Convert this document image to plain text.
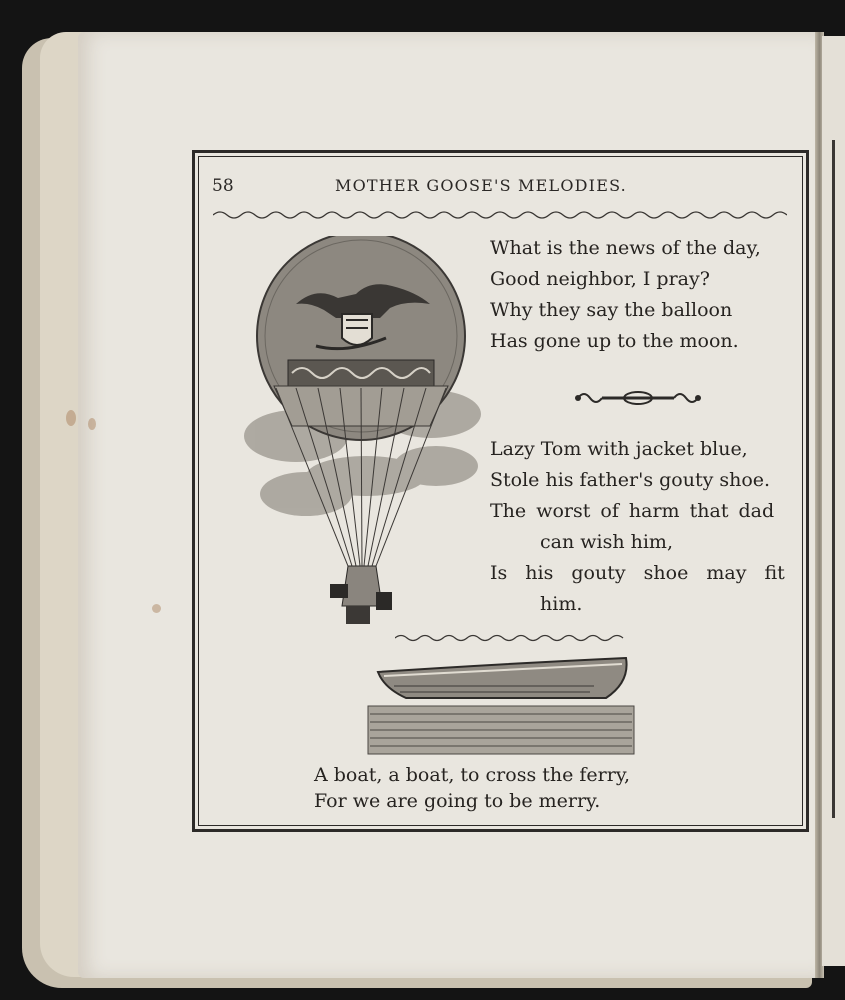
58	MOTHER GOOSE'S MELODIES.
What is the news of the day,
Good neighbor, I pray?
Why they say the balloon
Has gone up to the moon.
Lazy Tom with jacket blue,
Stole his father's gouty shoe.
The worst of harm that dad
can wish him,
Is his gouty shoe may fit
him.
A boat, a boat, to cross the ferry,
For we are going to be merry.
